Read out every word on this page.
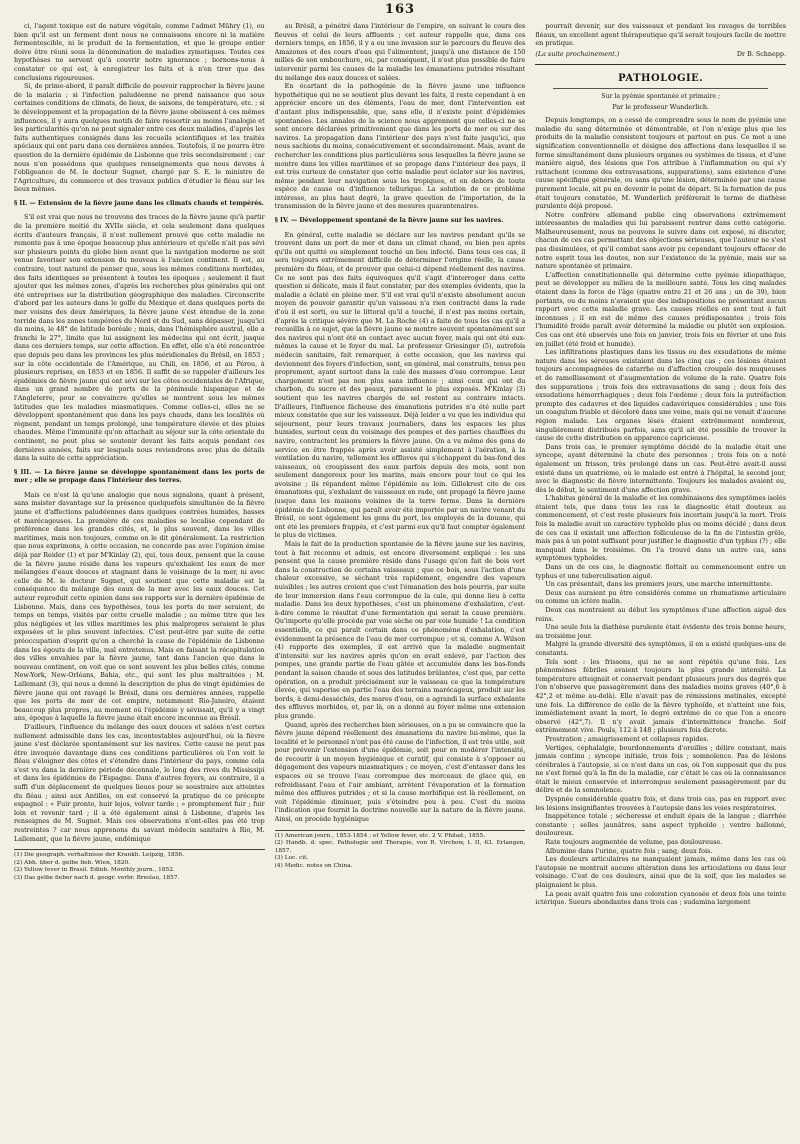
163

ci, l'agent toxique est de nature végétale, comme l'admet Mühry (1), ou bien qu'il est un ferment dont nous ne connaissons encore ni la matière fermentescible, ni le produit de la fermentation, et que le groupe entier doive être réuni sous la dénomination de maladies zymotiques. Toutes ces hypothèses ne servent qu'à couvrir notre ignorance ; bornons-nous à constater ce qui est, à enregistrer les faits et à n'en tirer que des conclusions rigoureuses.

Si, de prime-abord, il paraît difficile de pouvoir rapprocher la fièvre jaune de la malaria ; si l'infection paludéenne ne prend naissance que sous certaines conditions de climats, de lieux, de saisons, de température, etc. ; si le développement et la propagation de la fièvre jaune obéissent à ces mêmes influences, il y aura quelques motifs de faire ressortir au moins l'analogie et les particularités qu'on ne peut signaler entre ces deux maladies, d'après les faits authentiques consignés dans les recueils scientifiques et les traités spéciaux qui ont paru dans ces dernières années. Toutefois, il ne pourra être question de la dernière épidémie de Lisbonne que très secondairement ; car nous n'en possédons que quelques renseignements que nous devons à l'obligeance de M. le docteur Sugnet, chargé par S. E. le ministre de l'Agriculture, du commerce et des travaux publics d'étudier le fléau sur les lieux mêmes.

§ II. — Extension de la fièvre jaune dans les climats chauds et tempérés.

S'il est vrai que nous ne trouvons des traces de la fièvre jaune qu'à partir de la première moitié du XVIIe siècle, et cela seulement dans quelques écrits d'auteurs français, il n'est nullement prouvé que cette maladie ne remonte pas à une époque beaucoup plus antérieure et qu'elle n'ait pas sévi sur plusieurs points du globe bien avant que la navigation moderne ne soit venue favoriser son extension du nouveau à l'ancien continent. Il est, au contraire, tout naturel de penser que, sous les mêmes conditions morbides, des faits identiques se présentent à toutes les époques ; seulement il faut ajouter que les mêmes zones, d'après les recherches plus générales qui ont été entreprises sur la distribution géographique des maladies. Circonscrite d'abord par les auteurs dans le golfe du Mexique et dans quelques ports de mer voisins des deux Amériques, la fièvre jaune s'est étendue de la zone torride dans les zones tempérées du Nord et du Sud, sans dépasser, jusqu'ici du moins, le 48° de latitude boréale ; mais, dans l'hémisphère austral, elle a franchi le 27°, limite que lui assignent les médecins qui ont écrit, jusque dans ces derniers temps, sur cette affection. En effet, elle n'a été rencontrée que depuis peu dans les provinces les plus méridionales du Brésil, en 1853 ; sur la côte occidentale de l'Amérique, au Chili, en 1856, et au Pérou, à plusieurs reprises, en 1853 et en 1856. Il suffit de se rappeler d'ailleurs les épidémies de fièvre jaune qui ont sévi sur les côtes occidentales de l'Afrique, dans un grand nombre de ports de la péninsule hispanique et de l'Angleterre, pour se convaincre qu'elles se montrent sous les mêmes latitudes que les maladies miasmatiques. Comme celles-ci, elles ne se développent spontanément que dans les pays chauds, dans les localités où règnent, pendant un temps prolongé, une température élevée et des pluies chaudes. Même l'immunité qu'on attachait au séjour sur la côte orientale du continent, ne peut plus se soutenir devant les faits acquis pendant ces dernières années, faits sur lesquels nous reviendrons avec plus de détails dans la suite de cette appréciation.

§ III. — La fièvre jaune se développe spontanément dans les ports de mer ; elle se propage dans l'intérieur des terres.

Mais ce n'est là qu'une analogie que nous signalons, quant à présent, sans insister davantage sur la présence quelquefois simultanée de la fièvre jaune et d'affections paludéennes dans quelques contrées humides, basses et marécageuses. La première de ces maladies se localise cependant de préférence dans les grandes cités, et, le plus souvent, dans les villes maritimes, mais non toujours, comme on le dit généralement. La restriction que nous exprimons, à cette occasion, ne concorde pas avec l'opinion émise déjà par Reider (1) et par M'Kinlay (2), qui, tous deux, pensent que la cause de la fièvre jaune réside dans les vapeurs qu'exhalent les eaux de mer mélangées d'eaux douces et stagnant dans le voisinage de la mer, ni avec celle de M. le docteur Sugnet, qui soutient que cette maladie est la conséquence du mélange des eaux de la mer avec les eaux douces. Cet auteur reproduit cette opinion dans ses rapports sur la dernière épidémie de Lisbonne. Mais, dans ces hypothèses, tous les ports de mer seraient, de temps en temps, visités par cette cruelle maladie ; au même titre que les plus négligées et les villes maritimes les plus malpropres seraient le plus exposées et le plus souvent infectées. C'est peut-être par suite de cette préoccupation d'esprit qu'on a cherché la cause de l'épidémie de Lisbonne dans les égouts de la ville, mal entretenus. Mais en faisant la récapitulation des villes envahies par la fièvre jaune, tant dans l'ancien que dans le nouveau continent, on voit que ce sont souvent les plus belles cités, comme New-York, New-Orléans, Bahia, etc., qui sont les plus maltraitées ; M. Lallemant (3), qui nous a donné la description de plus de vingt épidémies de fièvre jaune qui ont ravagé le Brésil, dans ces dernières années, rappelle que les ports de mer de cet empire, notamment Rio-Janeiro, étaient beaucoup plus propres, au moment où l'épidémie y sévissait, qu'il y a vingt ans, époque à laquelle la fièvre jaune était encore inconnue au Brésil.

D'ailleurs, l'influence du mélange des eaux douces et salées n'est certes nullement admissible dans les cas, incontestables aujourd'hui, où la fièvre jaune s'est déclarée spontanément sur les navires. Cette cause ne peut pas être invoquée davantage dans ces conditions particulières où l'on voit le fléau s'éloigner des côtes et s'étendre dans l'intérieur du pays, comme cela s'est vu dans la dernière période décennale, le long des rives du Mississipi et dans les épidémies de l'Espagne. Dans d'autres foyers, au contraire, il a suffi d'un déplacement de quelques lieues pour se soustraire aux atteintes du fléau ; ainsi aux Antilles, on est conservé la pratique de ce précepte espagnol : « Fuir pronto, huir lejos, volver tarde ; » promptement fuir ; fuir loin et revenir tard ; il a été également ainsi à Lisbonne, d'après les renseignes de M. Sugnet. Mais ces observations n'ont-elles pas été trop restreintes ? car nous apprenons du savant médecin sanitaire à Rio, M. Lallemant, que la fièvre jaune, endémique

(1) Die geograph. verhaltnisse der Krankh. Leipzig, 1856.
(2) Abh. über d. gelbe fieb. Wien, 1820.
(2) Yellow fever in Brasil. Edinb. Monthly journ., 1852.
(3) Das gelbe fieber nach d. geogr. verbr. Breslau, 1857.

au Brésil, a pénétré dans l'intérieur de l'empire, en suivant le cours des fleuves et celui de leurs affluents ; cet auteur rappelle que, dans ces derniers temps, en 1856, il y a eu une invasion sur le parcours du fleuve des Amazones et des cours d'eau qui l'alimentent, jusqu'à une distance de 150 milles de son embouchure, où, par conséquent, il n'est plus possible de faire intervenir parmi les causes de la maladie les émanations putrides résultant du mélange des eaux douces et salées.

En écartant de la pathogénie de la fièvre jaune une influence hypothétique qui ne se soutient plus devant les faits, il reste cependant à en apprécier encore un des éléments, l'eau de mer, dont l'intervention est d'autant plus indispensable, que, sans elle, il n'existe point d'épidémies spontanées. Les annales de la science nous apprennent que celles-ci ne se sont encore déclarées primitivement que dans les ports de mer ou sur des navires. La propagation dans l'intérieur des pays n'est faite jusqu'ici, que nous sachions du moins, consécutivement et secondairement. Mais, avant de rechercher les conditions plus particulières sous lesquelles la fièvre jaune se montre dans les villes maritimes et se propage dans l'intérieur des pays, il est très curieux de constater que cette maladie peut éclater sur les navires, même pendant leur navigation sous les tropiques, et en dehors de toute espèce de cause ou d'influence tellurique. La solution de ce problème intéresse, au plus haut degré, la grave question de l'importation, de la transmission de la fièvre jaune et des mesures quarantenaires.

§ IV. — Développement spontané de la fièvre jaune sur les navires.

En général, cette maladie se déclare sur les navires pendant qu'ils se trouvent dans un port de mer et dans un climat chaud, ou bien peu après qu'ils ont quitté ou simplement touché un lieu infecté. Dans tous ces cas, il sera toujours extrêmement difficile de déterminer l'origine réelle, la cause première du fléau, et de prouver que celui-ci dépend réellement des navires. Ce ne sont pas des faits équivoques qu'il s'agit d'interroger dans cette question si délicate, mais il faut constater, par des exemples évidents, que la maladie a éclaté en pleine mer. S'il est vrai qu'il n'existe absolument aucun moyen de pouvoir garantir qu'un vaisseau n'a rien contracté dans la rade d'où il est sorti, ou sur le littoral qu'il a touché, il n'est pas moins certain, d'après la critique sévère que M. La Roche (4) a faite de tous les cas qu'il a recueillis à ce sujet, que la fièvre jaune se montre souvent spontanément sur des navires qui n'ont été en contact avec aucun foyer, mais qui ont été eux-mêmes la cause et le foyer du mal. Le professeur Griesinger (5), autrefois médecin sanitaire, fait remarquer, à cette occasion, que les navires qui deviennent des foyers d'infection, sont, en général, mal construits, tenus peu proprement, ayant surtout dans la cale des masses d'eau corrompue. Leur chargement n'est pas non plus sans influence ; ainsi ceux qui ont du charbon, du sucre et des peaux, paraissent le plus exposés. M'Kinlay (3) soutient que les navires chargés de sel restent au contraire intacts. D'ailleurs, l'influence fâcheuse des émanations putrides n'a été nulle part mieux constatée que sur les vaisseaux. Déjà leider a vu que les individus qui séjournent, pour leurs travaux journaliers, dans les espaces les plus humides, surtout ceux du voisinage des pompes et des parties chauffées du navire, contractent les premiers la fièvre jaune. On a vu même des gens de service en être frappés après avoir assisté simplement à l'aération, à la ventilation du navire, tellement les effluves qui s'échappent du bas-fond des vaisseaux, où croupissent des eaux parfois depuis des mois, sont non seulement dangereux pour les marins, mais encore pour tout ce qui les avoisine ; ils répandent même l'épidémie au loin. Gillekrest cite de ces émanations qui, s'exhalant de vaisseaux en rade, ont propagé la fièvre jaune jusque dans les maisons voisines de la terre ferme. Dans la dernière épidémie de Lisbonne, qui paraît avoir été importée par un navire venant du Brésil, ce sont également les gens du port, les employés de la douane, qui ont été les premiers frappés, et c'est parmi eux qu'il faut compter également le plus de victimes.

Mais le fait de la production spontanée de la fièvre jaune sur les navires, tout à fait reconnu et admis, est encore diversement expliqué : les uns pensent que la cause première réside dans l'usage qu'on fait de bois vert dans la construction de certains vaisseaux ; que ce bois, sous l'action d'une chaleur excessive, se séchant très rapidement, engendre des vapeurs nuisibles ; les autres croient que c'est l'émanation des bois pourris, par suite de leur immersion dans l'eau corrompue de la cale, qui donne lieu à cette maladie. Dans les deux hypothèses, c'est un phénomène d'exhalation, c'est-à-dire comme le résultat d'une fermentation qui serait la cause première. Qu'importe qu'elle procède par voie sèche ou par voie humide ! La condition essentielle, ce qui paraît certain dans ce phénomène d'exhalation, c'est évidemment la présence de l'eau de mer corrompue ; et si, comme A. Wilson (4) rapporte des exemples, il est arrivé que la maladie augmentait d'intensité sur les navires après qu'on en avait enlevé, par l'action des pompes, une grande partie de l'eau gâtée et accumulée dans les bas-fonds pendant la saison chaude et sous des latitudes brûlantes, c'est que, par cette opération, on a produit précisément sur le vaisseau ce que la température élevée, qui vaporise en partie l'eau des terrains marécageux, produit sur les bords, à demi-desséchés, des mares d'eau, on a agrandi la surface exhalante des effluves morbides, et, par là, on a donné au foyer même une extension plus grande.

Quand, après des recherches bien sérieuses, on a pu se convaincre que la fièvre jaune dépend réellement des émanations du navire lui-même, que la localité et le personnel n'ont pas été cause de l'infection, il est très utile, soit pour prévenir l'extension d'une épidémie, soit pour en modérer l'intensité, de recourir à un moyen hygiénique et curatif, qui consiste à s'opposer au dégagement des vapeurs miasmatiques ; ce moyen, c'est d'entasser dans les espaces où se trouve l'eau corrompue des morceaux de glace qui, en refroidissant l'eau et l'air ambiant, arrêtent l'évaporation et la formation même des effluves putrides ; et si la cause morbifique est là réellement, on voit l'épidémie diminuer, puis s'éteindre peu à peu. C'est du moins l'indication que fournit la doctrine nouvelle sur la nature de la fièvre jaune. Ainsi, on procède hygiénique

(1) American journ., 1853-1854 ; et Yellow fever, etc. 2 V. Philad., 1855.
(2) Handb. d. spec. Pathologie und Therapie, von R. Virchow, t. II, 63. Erlangen, 1857.
(3) Loc. cit.
(4) Medic. notes on China.

pourrait devenir, sur des vaisseaux et pendant les ravages de terribles fléaux, un excellent agent thérapeutique qu'il serait toujours facile de mettre en pratique.

(La suite prochainement.)	Dr B. Schnepp.
PATHOLOGIE.
Sur la pyémie spontanée et primaire ;
Par le professeur Wunderlich.

Depuis longtemps, on a cessé de comprendre sous le nom de pyémie une maladie du sang déterminée et démontrable, et l'on n'exige plus que les produits de la maladie consistent toujours et partout en pus. Ce mot a une signification conventionnelle et désigne des affections dans lesquelles il se forme simultanément dans plusieurs organes ou systèmes de tissus, et d'une manière aiguë, des lésions que l'on attribue à l'inflammation ou qui s'y rattachent (comme des extravasations, suppurations), sans existence d'une cause spécifique générale, ou sans qu'une lésion, déterminée par une cause purement locale, ait pu en devenir le point de départ. Si la formation de pus était toujours constatée, M. Wunderlich préférerait le terme de diathèse purulente déjà proposé.

Notre confrère allemand publie cinq observations extrêmement intéressantes de maladies qui lui paraissent rentrer dans cette catégorie. Malheureusement, nous ne pouvons le suivre dans cet exposé, ni discuter, chacun de ces cas permettant des objections sérieuses, que l'auteur ne s'est pas dissimulées, et qu'il combat sans avoir pu cependant toujours effacer de notre esprit tous les doutes, non sur l'existence de la pyémie, mais sur sa nature spontanée et primaire.

L'affection constitutionnelle qui détermine cette pyémie idiopathique, peut se développer au milieu de la meilleure santé. Tous les cinq malades étaient dans la force de l'âge (quatre entre 21 et 26 ans ; un de 39), bien portants, ou du moins n'avaient que des indispositions ne présentant aucun rapport avec cette maladie grave. Les causes réelles en sont tout à fait inconnues ; il en est de même des causes prédisposantes ; trois fois l'humidité froide paraît avoir déterminé la maladie ou plutôt son explosion. Ces cas ont été observés une fois en janvier, trois fois en février et une fois en juillet (été froid et humide).

Les infiltrations plastiques dans les tissus ou des exsudations de même nature dans les séreuses existaient dans les cinq cas ; ces lésions étaient toujours accompagnées de catarrhe ou d'affection croupale des muqueuses et de ramollissement et d'augmentation de volume de la rate. Quatre fois des suppurations ; trois fois des extravasations de sang ; deux fois des exsudations hémorrhagiques ; deux fois l'œdème ; deux fois la putréfaction prompte des cadavres et des liquides cadavériques considérables ; une fois un coagulum friable et décoloré dans une veine, mais qui ne venait d'aucune région malade. Les organes lésés étaient extrêmement nombreux, singulièrement distribués parfois, sans qu'il ait été possible de trouver la cause de cette distribution en apparence capricieuse.

Dans trois cas, le premier symptôme décidé de la maladie était une syncope, ayant déterminé la chute des personnes ; trois fois on a noté également un frisson, très prolongé dans un cas. Peut-être avait-il aussi existé dans un quatrième, où le malade est entré à l'hôpital, le second jour, avec le diagnostic de fièvre intermittente. Toujours les malades avaient eu, dès le début, le sentiment d'une affection grave.

L'habitus général de la maladie et les combinaisons des symptômes isolés étaient tels, que dans tous les cas le diagnostic était douteux au commencement, et c'est reste plusieurs fois incertain jusqu'à la mort. Trois fois la maladie avait un caractère typhoïde plus ou moins décidé ; dans deux de ces cas il existait une affection folliculeuse de la fin de l'intestin grêle, mais pas à un point suffisant pour justifier le diagnostic d'un typhus (?) ; elle manquait dans le troisième. On l'a trouvé dans un autre cas, sans symptômes typhoïdes.

Dans un de ces cas, le diagnostic flottait au commencement entre un typhus et une tuberculisation aiguë.

Un cas présentait, dans les premiers jours, une marche intermittente.

Deux cas auraient pu être considérés comme un rhumatisme articulaire ou comme un ictère malin.

Deux cas montraient au début les symptômes d'une affection aiguë des reins.

Une seule fois la diathèse purulente était évidente dès trois bonne heure, au troisième jour.

Malgré la grande diversité des symptômes, il en a existé quelques-uns de constants.

Tels sont : les frissons, qui ne se sont répétés qu'une fois. Les phénomènes fébriles avaient toujours la plus grande intensité. La température atteignait et conservait pendant plusieurs jours des degrés que l'on n'observe que passagèrement dans des maladies moins graves (40°,6 à 42°,2 et même au-delà). Elle n'avait pas de rémissions matinales, excepté une fois. La différence de celle de la fièvre typhoïde, et n'atteint une fois, immédiatement avant la mort, le degré extrême de ce que l'on a encore observé (42°,7). Il n'y avait jamais d'intermittence franche. Soif extrêmement vive. Pouls, 112 à 148 ; plusieurs fois dicrote.

Prostration ; amaigrissement et collapsus rapides.

Vertiges, céphalalgie, bourdonnements d'oreilles ; délire constant, mais jamais continu ; syncope initiale, trois fois ; somnolence. Pas de lésions cérébrales à l'autopsie, si ce n'est dans un cas, où l'on supposait que du pus ne s'est formé qu'à la fin de la maladie, car c'était le cas où la connaissance était le mieux conservée et interrompue seulement passagèrement par du délire et de la somnolence.

Dyspnée considérable quatre fois, et dans trois cas, pas en rapport avec les lésions insignifiantes trouvées à l'autopsie dans les voies respiratoires.

Inappétence totale ; sécheresse et enduit épais de la langue ; diarrhée constante ; selles jaunâtres, sans aspect typhoïde ; ventre ballonné, douloureux.

Rate toujours augmentée de volume, pas douloureuse.

Albumine dans l'urine, quatre fois ; sang, deux fois.

Les douleurs articulaires ne manquaient jamais, même dans les cas où l'autopsie ne montrait aucune altération dans les articulations ou dans leur voisinage. C'est de ces douleurs, ainsi que de la soif, que les malades se plaignaient le plus.

La peau avait quatre fois une coloration cyanosée et deux fois une teinte ictérique. Sueurs abondantes dans trois cas ; sudamina largement
